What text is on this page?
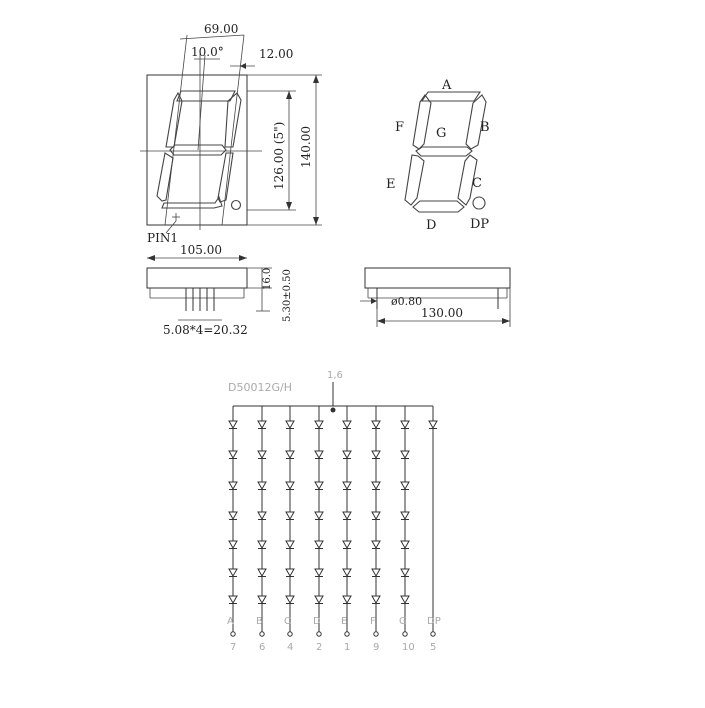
69.00
10.0°	12.00
126.00 (5") 140.00
PIN1
105.00
5.08*4=20.32
16.0 5.30±0.50
A
B
C
D
E
F G
DP
ø0.80
130.00
D50012G/H
1,6
A
7
B
6
C
4
D
2
E
1
F
9
G
10
DP
5
